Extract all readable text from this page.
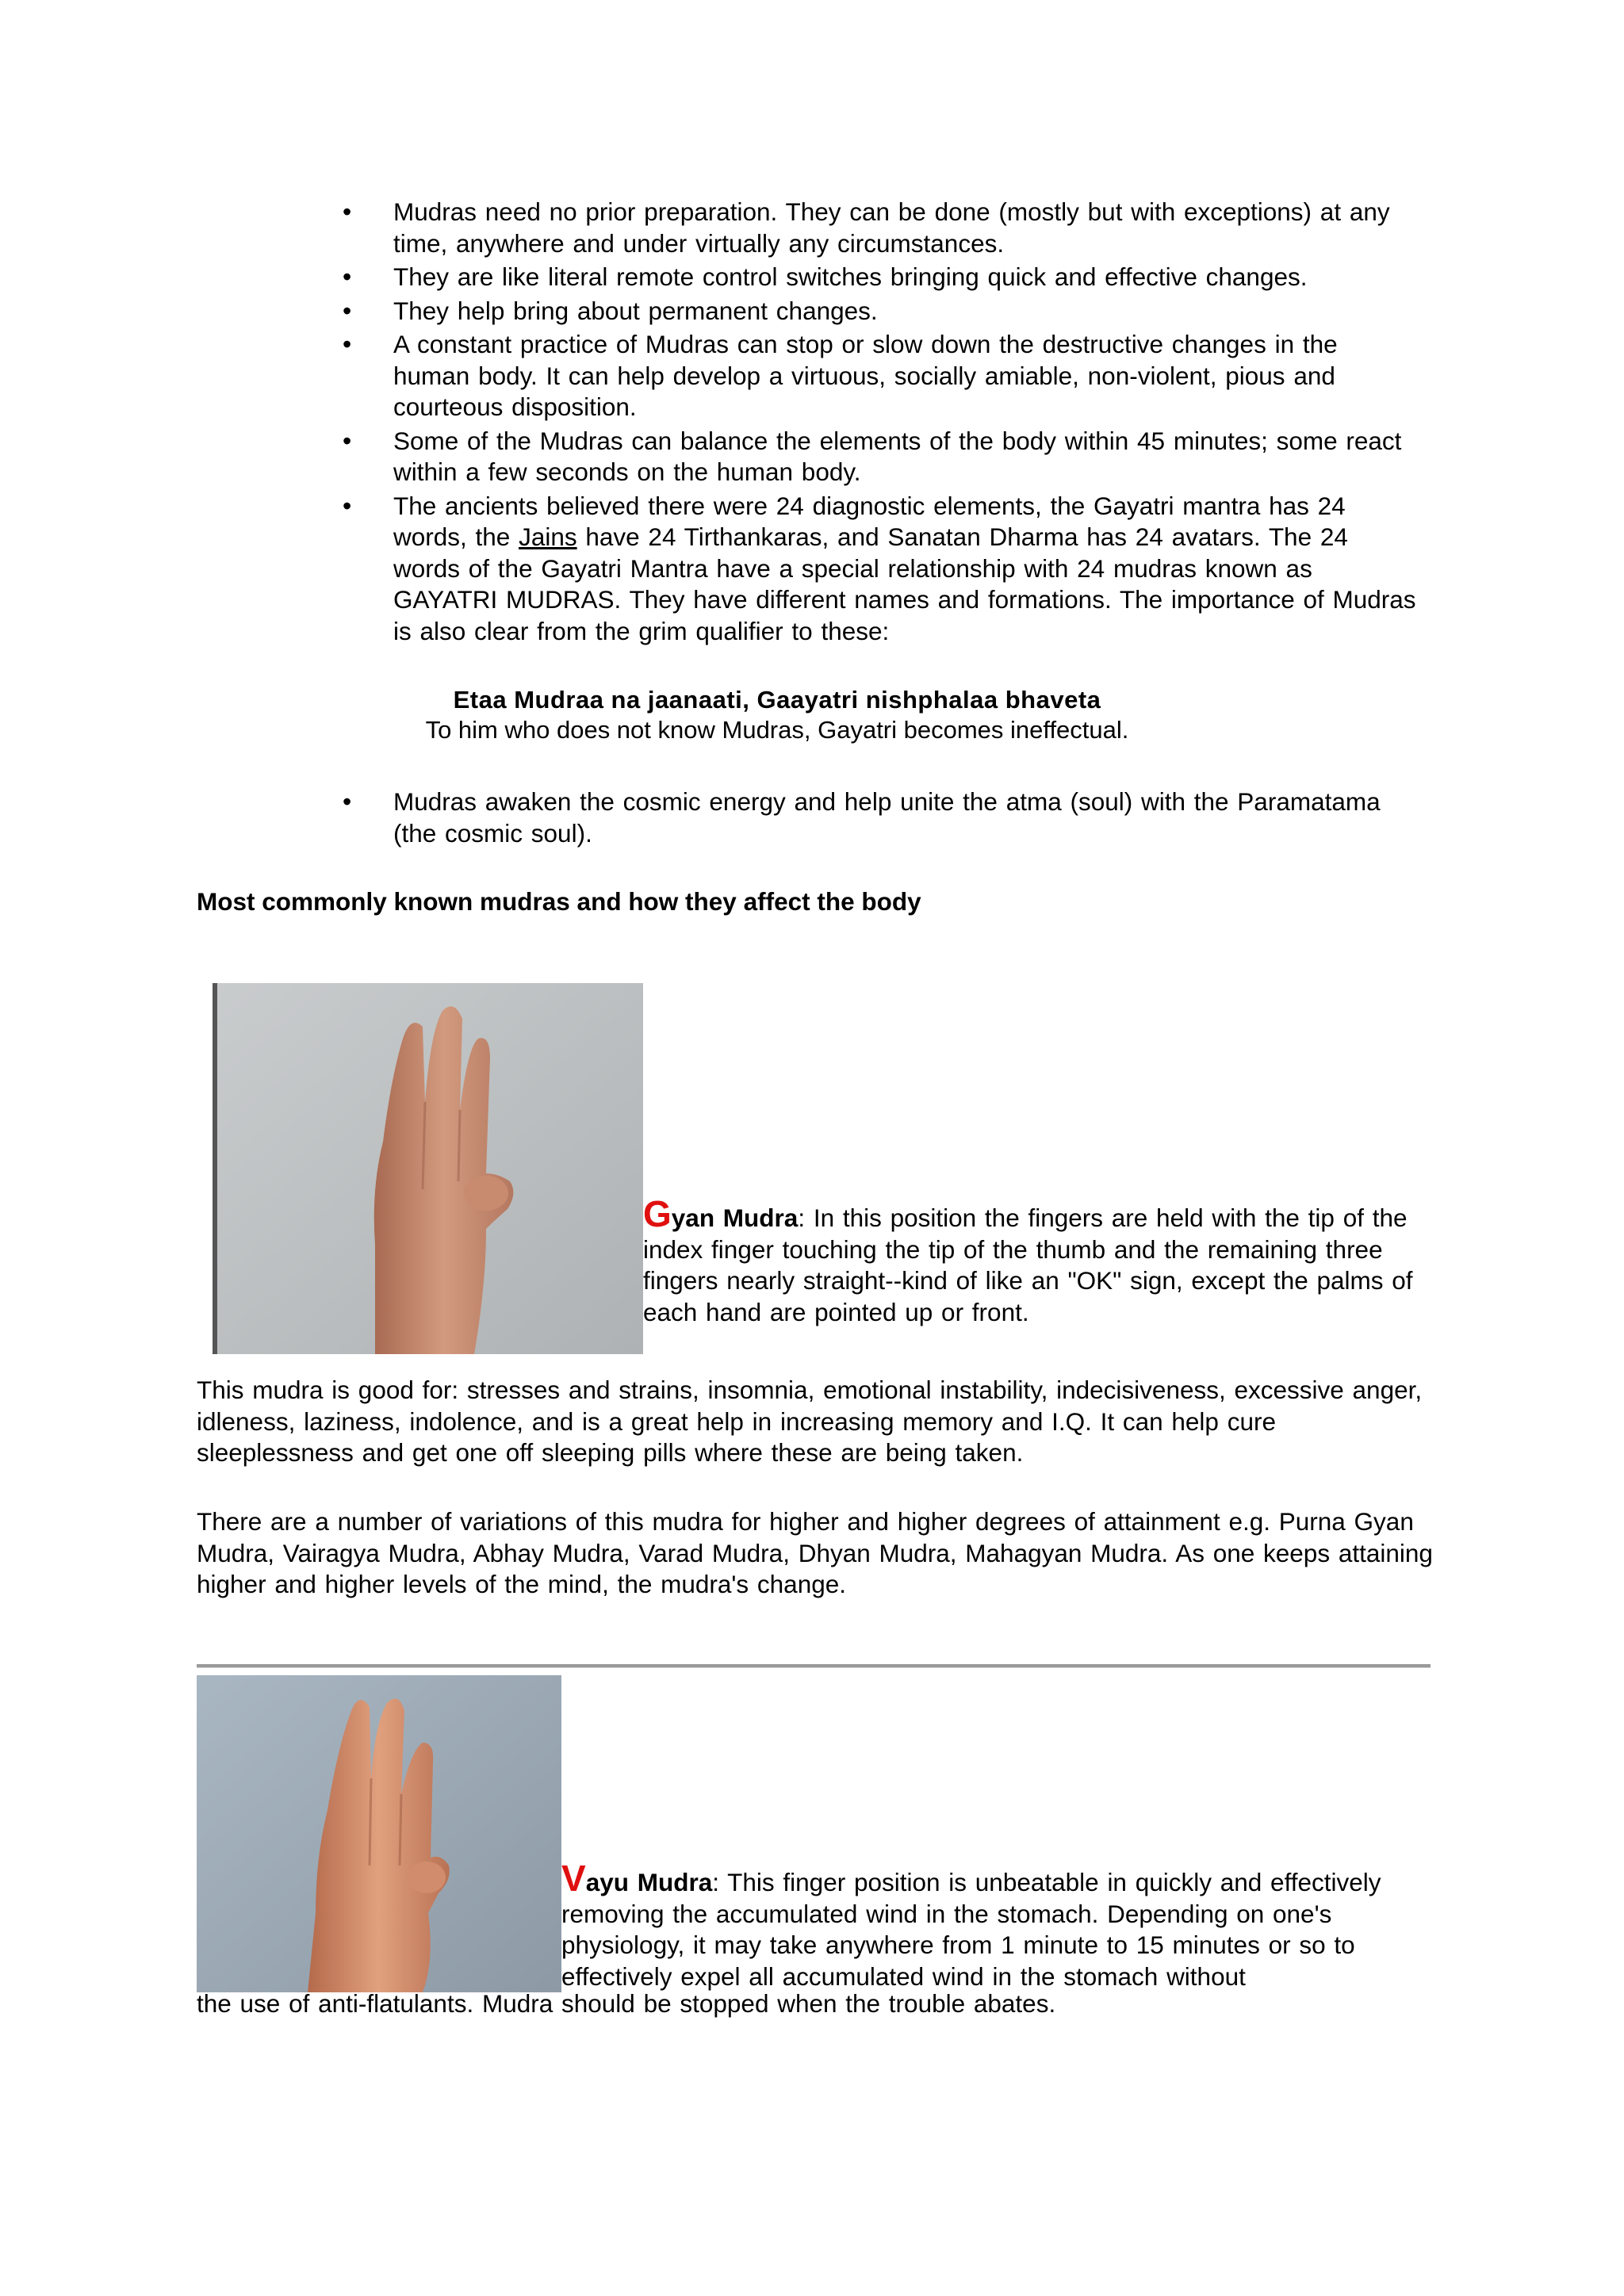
• Mudras need no prior preparation. They can be done (mostly but with exceptions) at any time, anywhere and under virtually any circumstances.
• They are like literal remote control switches bringing quick and effective changes.
• They help bring about permanent changes.
• A constant practice of Mudras can stop or slow down the destructive changes in the human body. It can help develop a virtuous, socially amiable, non-violent, pious and courteous disposition.
• Some of the Mudras can balance the elements of the body within 45 minutes; some react within a few seconds on the human body.
• The ancients believed there were 24 diagnostic elements, the Gayatri mantra has 24 words, the Jains have 24 Tirthankaras, and Sanatan Dharma has 24 avatars. The 24 words of the Gayatri Mantra have a special relationship with 24 mudras known as GAYATRI MUDRAS. They have different names and formations. The importance of Mudras is also clear from the grim qualifier to these:
Etaa Mudraa na jaanaati, Gaayatri nishphalaa bhaveta
To him who does not know Mudras, Gayatri becomes ineffectual.
• Mudras awaken the cosmic energy and help unite the atma (soul) with the Paramatama (the cosmic soul).
Most commonly known mudras and how they affect the body

Gyan Mudra: In this position the fingers are held with the tip of the index finger touching the tip of the thumb and the remaining three fingers nearly straight--kind of like an "OK" sign, except the palms of each hand are pointed up or front.

This mudra is good for: stresses and strains, insomnia, emotional instability, indecisiveness, excessive anger, idleness, laziness, indolence, and is a great help in increasing memory and I.Q. It can help cure sleeplessness and get one off sleeping pills where these are being taken.

There are a number of variations of this mudra for higher and higher degrees of attainment e.g. Purna Gyan Mudra, Vairagya Mudra, Abhay Mudra, Varad Mudra, Dhyan Mudra, Mahagyan Mudra. As one keeps attaining higher and higher levels of the mind, the mudra's change.

Vayu Mudra: This finger position is unbeatable in quickly and effectively removing the accumulated wind in the stomach. Depending on one's physiology, it may take anywhere from 1 minute to 15 minutes or so to effectively expel all accumulated wind in the stomach without

the use of anti-flatulants. Mudra should be stopped when the trouble abates.
